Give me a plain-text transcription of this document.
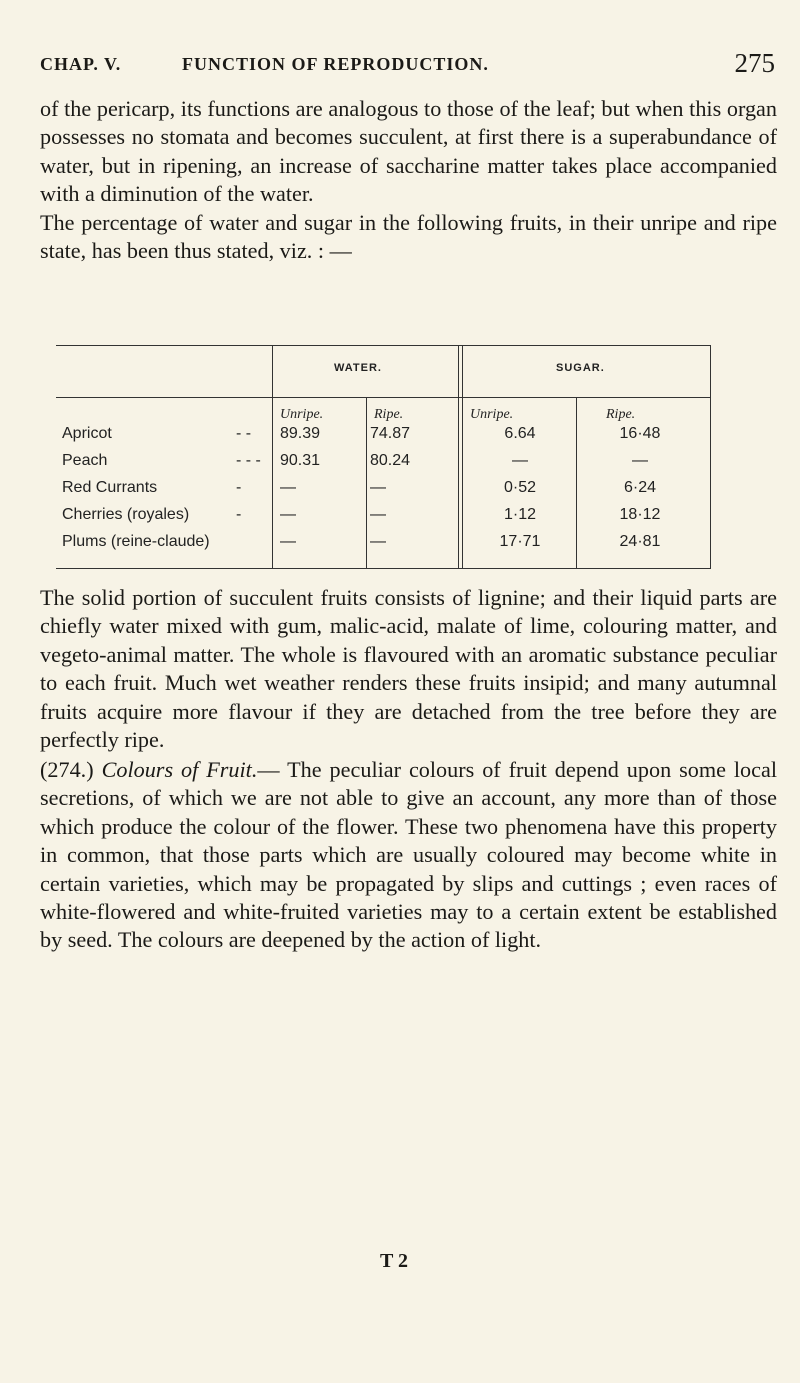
CHAP. V.	FUNCTION OF REPRODUCTION.	275

of the pericarp, its functions are analogous to those of the leaf; but when this organ possesses no stomata and becomes succulent, at first there is a superabundance of water, but in ripening, an increase of saccharine matter takes place accompanied with a diminution of the water.

The percentage of water and sugar in the following fruits, in their unripe and ripe state, has been thus stated, viz. : —

WATER.	SUGAR.
Unripe.	Ripe.	Unripe.	Ripe.
Apricot	- - 89.39	74.87	6.64	16·48
Peach	- - - 90.31	80.24	—	—
Red Currants	- —	—	0·52	6·24
Cherries (royales)	- —	—	1·12	18·12
Plums (reine-claude)	—	—	17·71	24·81

The solid portion of succulent fruits consists of lignine; and their liquid parts are chiefly water mixed with gum, malic-acid, malate of lime, colouring matter, and vegeto-animal matter. The whole is flavoured with an aromatic substance peculiar to each fruit. Much wet weather renders these fruits insipid; and many autumnal fruits acquire more flavour if they are detached from the tree before they are perfectly ripe.

(274.) Colours of Fruit.— The peculiar colours of fruit depend upon some local secretions, of which we are not able to give an account, any more than of those which produce the colour of the flower. These two phenomena have this property in common, that those parts which are usually coloured may become white in certain varieties, which may be propagated by slips and cuttings ; even races of white-flowered and white-fruited varieties may to a certain extent be established by seed. The colours are deepened by the action of light.

T 2
